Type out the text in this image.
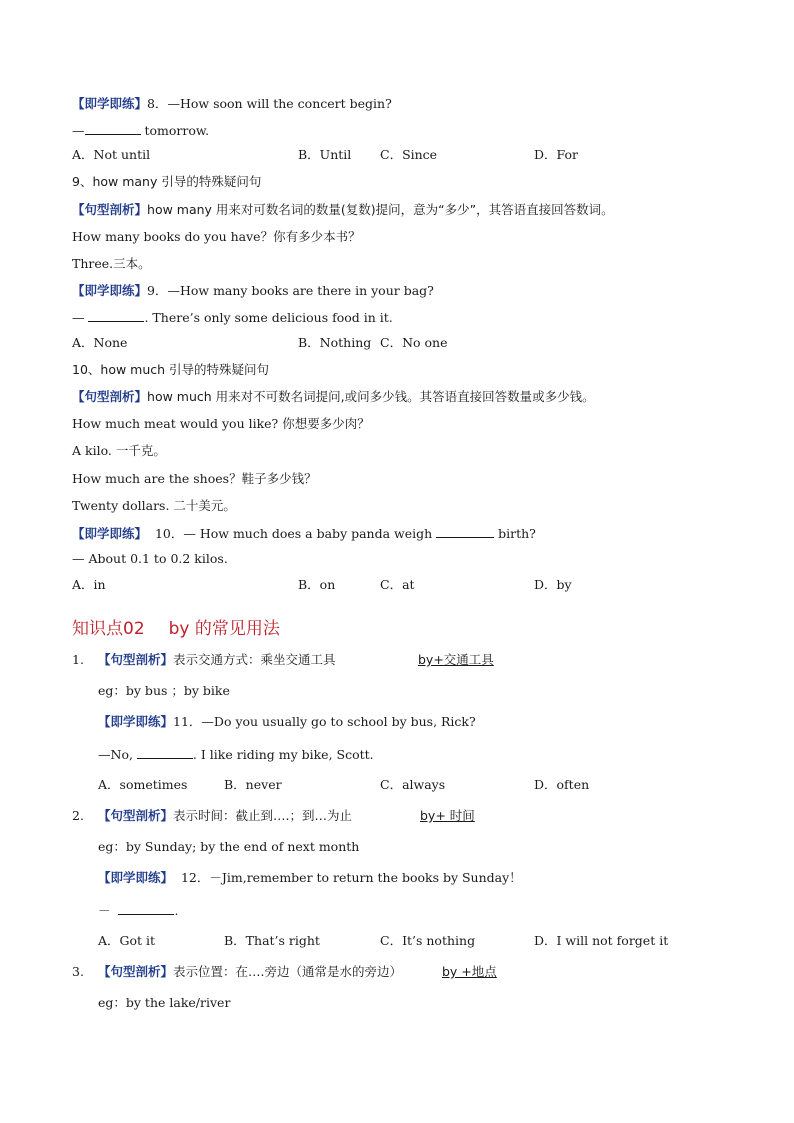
【即学即练】8．—How soon will the concert begin?
—	tomorrow.
A．Not until	B．Until C．Since	D．For
9、how many 引导的特殊疑问句
【句型剖析】how many 用来对可数名词的数量(复数)提问，意为“多少”，其答语直接回答数词。
How many books do you have？你有多少本书？
Three.三本。
【即学即练】9．—How many books are there in your bag?
—	. There’s only some delicious food in it.
A．None	B．Nothing C．No one
10、how much 引导的特殊疑问句
【句型剖析】how much 用来对不可数名词提问,或问多少钱。其答语直接回答数量或多少钱。
How much meat would you like? 你想要多少肉？
A kilo. 一千克。
How much are the shoes？鞋子多少钱？
Twenty dollars. 二十美元。
【即学即练】  10．— How much does a baby panda weigh	birth?
— About 0.1 to 0.2 kilos.
A．in	B．on	C．at	D．by
知识点02 by 的常见用法
1. 【句型剖析】表示交通方式：乘坐交通工具	by+交通工具
eg：by bus ；by bike
【即学即练】11．—Do you usually go to school by bus, Rick?
—No,	. I like riding my bike, Scott.
A．sometimes	B．never	C．always	D．often
2. 【句型剖析】表示时间：截止到….；到…为止	by+ 时间
eg：by Sunday; by the end of next month
【即学即练】  12．－Jim,remember to return the books by Sunday！
－	.
A．Got it	B．That’s right	C．It’s nothing	D．I will not forget it
3. 【句型剖析】表示位置：在….旁边（通常是水的旁边）	by +地点
eg：by the lake/river
